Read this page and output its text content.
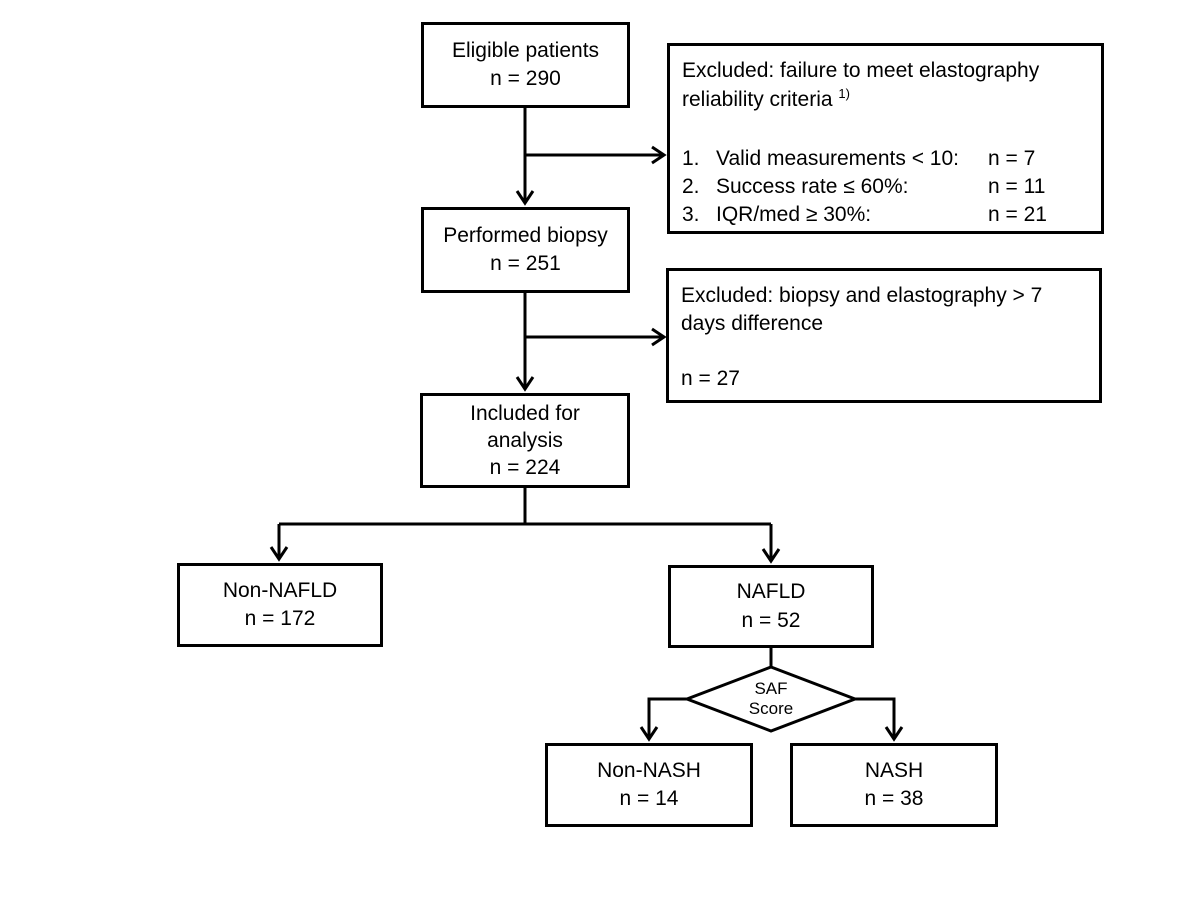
Eligible patients
n = 290
Performed biopsy
n = 251
Included for
analysis
n = 224
Excluded: failure to meet elastography
reliability criteria $^{1)}$
1. Valid measurements < 10:	n = 7
2. Success rate ≤ 60%:	n = 11
3. IQR/med ≥ 30%:	n = 21
Excluded: biopsy and elastography > 7
days difference
n = 27
Non-NAFLD
n = 172
NAFLD
n = 52
SAF
Score
Non-NASH
n = 14
NASH
n = 38
